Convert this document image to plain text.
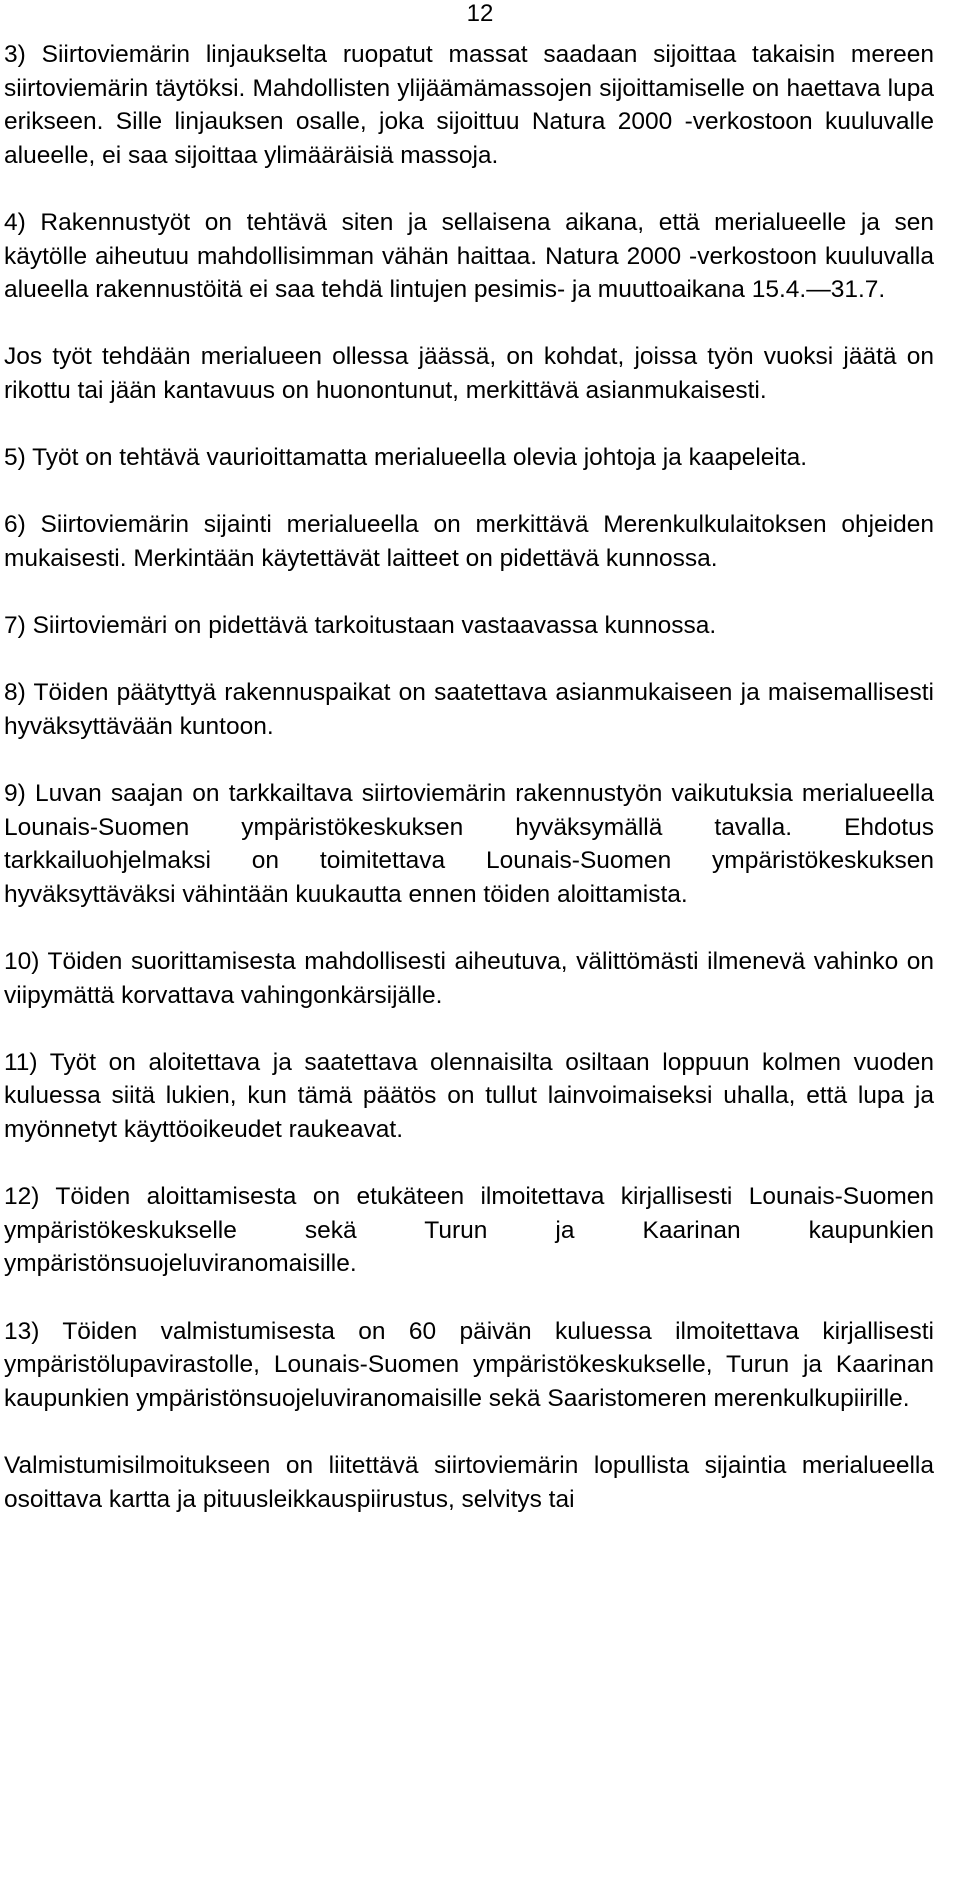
12

3) Siirtoviemärin linjaukselta ruopatut massat saadaan sijoittaa takaisin mereen siirtoviemärin täytöksi. Mahdollisten ylijäämämassojen sijoittamiselle on haettava lupa erikseen. Sille linjauksen osalle, joka sijoittuu Natura 2000 -verkostoon kuuluvalle alueelle, ei saa sijoittaa ylimääräisiä massoja.

4) Rakennustyöt on tehtävä siten ja sellaisena aikana, että merialueelle ja sen käytölle aiheutuu mahdollisimman vähän haittaa. Natura 2000 -verkostoon kuuluvalla alueella rakennustöitä ei saa tehdä lintujen pesimis- ja muuttoaikana 15.4.—31.7.

Jos työt tehdään merialueen ollessa jäässä, on kohdat, joissa työn vuoksi jäätä on rikottu tai jään kantavuus on huonontunut, merkittävä asianmukaisesti.

5) Työt on tehtävä vaurioittamatta merialueella olevia johtoja ja kaapeleita.

6) Siirtoviemärin sijainti merialueella on merkittävä Merenkulkulaitoksen ohjeiden mukaisesti. Merkintään käytettävät laitteet on pidettävä kunnossa.

7) Siirtoviemäri on pidettävä tarkoitustaan vastaavassa kunnossa.

8) Töiden päätyttyä rakennuspaikat on saatettava asianmukaiseen ja maisemallisesti hyväksyttävään kuntoon.

9) Luvan saajan on tarkkailtava siirtoviemärin rakennustyön vaikutuksia merialueella Lounais-Suomen ympäristökeskuksen hyväksymällä tavalla. Ehdotus tarkkailuohjelmaksi on toimitettava Lounais-Suomen ympäristökeskuksen hyväksyttäväksi vähintään kuukautta ennen töiden aloittamista.

10) Töiden suorittamisesta mahdollisesti aiheutuva, välittömästi ilmenevä vahinko on viipymättä korvattava vahingonkärsijälle.

11) Työt on aloitettava ja saatettava olennaisilta osiltaan loppuun kolmen vuoden kuluessa siitä lukien, kun tämä päätös on tullut lainvoimaiseksi uhalla, että lupa ja myönnetyt käyttöoikeudet raukeavat.

12) Töiden aloittamisesta on etukäteen ilmoitettava kirjallisesti Lounais-Suomen ympäristökeskukselle sekä Turun ja Kaarinan kaupunkien ympäristönsuojeluviranomaisille.

13) Töiden valmistumisesta on 60 päivän kuluessa ilmoitettava kirjallisesti ympäristölupavirastolle, Lounais-Suomen ympäristökeskukselle, Turun ja Kaarinan kaupunkien ympäristönsuojeluviranomaisille sekä Saaristomeren merenkulkupiirille.

Valmistumisilmoitukseen on liitettävä siirtoviemärin lopullista sijaintia merialueella osoittava kartta ja pituusleikkauspiirustus, selvitys tai
